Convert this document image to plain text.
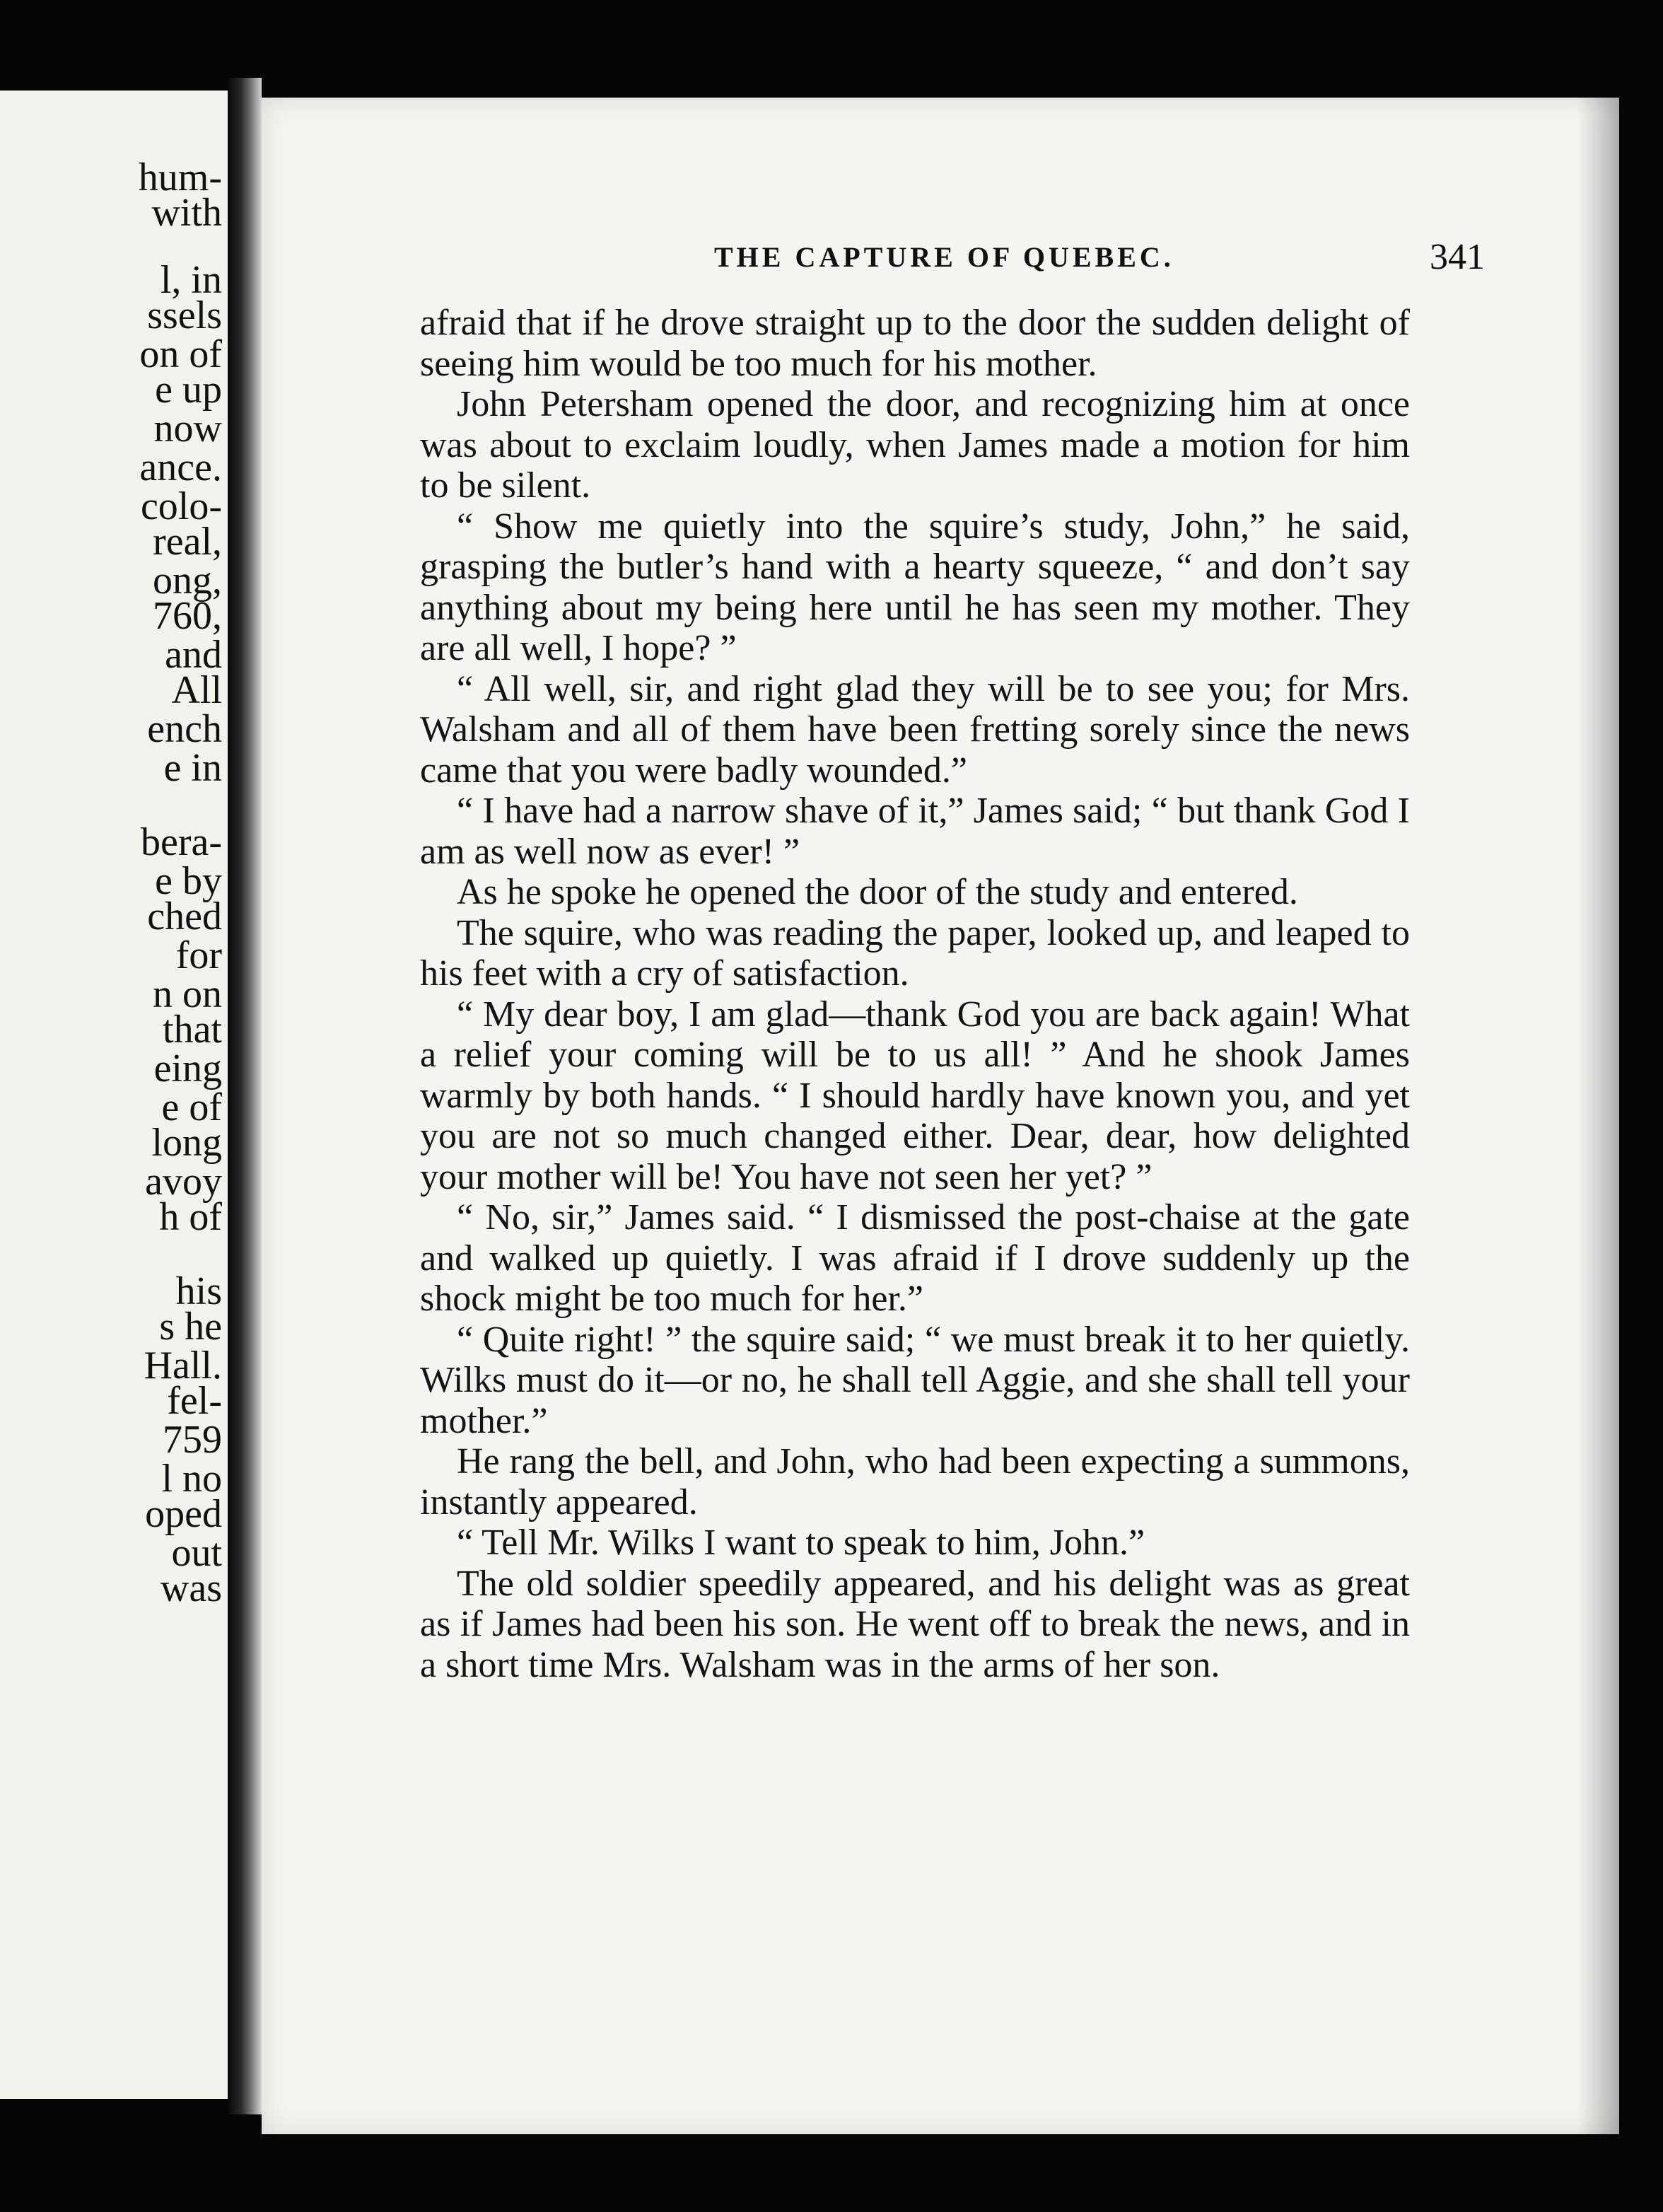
hum-
with
l, in
ssels
on of
e up
now
ance.
colo-
real,
ong,
760,
and
All
ench
e in
bera-
e by
ched
for
n on
that
eing
e of
long
avoy
h of
his
s he
Hall.
fel-
759
l no
oped
out
was
THE CAPTURE OF QUEBEC.	341

afraid that if he drove straight up to the door the sudden delight of seeing him would be too much for his mother.

John Petersham opened the door, and recognizing him at once was about to exclaim loudly, when James made a motion for him to be silent.

“ Show me quietly into the squire’s study, John,” he said, grasping the butler’s hand with a hearty squeeze, “ and don’t say anything about my being here until he has seen my mother. They are all well, I hope? ”

“ All well, sir, and right glad they will be to see you; for Mrs. Walsham and all of them have been fretting sorely since the news came that you were badly wounded.”

“ I have had a narrow shave of it,” James said; “ but thank God I am as well now as ever! ”

As he spoke he opened the door of the study and entered.

The squire, who was reading the paper, looked up, and leaped to his feet with a cry of satisfaction.

“ My dear boy, I am glad—thank God you are back again! What a relief your coming will be to us all! ” And he shook James warmly by both hands. “ I should hardly have known you, and yet you are not so much changed either. Dear, dear, how delighted your mother will be! You have not seen her yet? ”

“ No, sir,” James said. “ I dismissed the post-chaise at the gate and walked up quietly. I was afraid if I drove suddenly up the shock might be too much for her.”

“ Quite right! ” the squire said; “ we must break it to her quietly. Wilks must do it—or no, he shall tell Aggie, and she shall tell your mother.”

He rang the bell, and John, who had been expecting a summons, instantly appeared.

“ Tell Mr. Wilks I want to speak to him, John.”

The old soldier speedily appeared, and his delight was as great as if James had been his son. He went off to break the news, and in a short time Mrs. Walsham was in the arms of her son.
